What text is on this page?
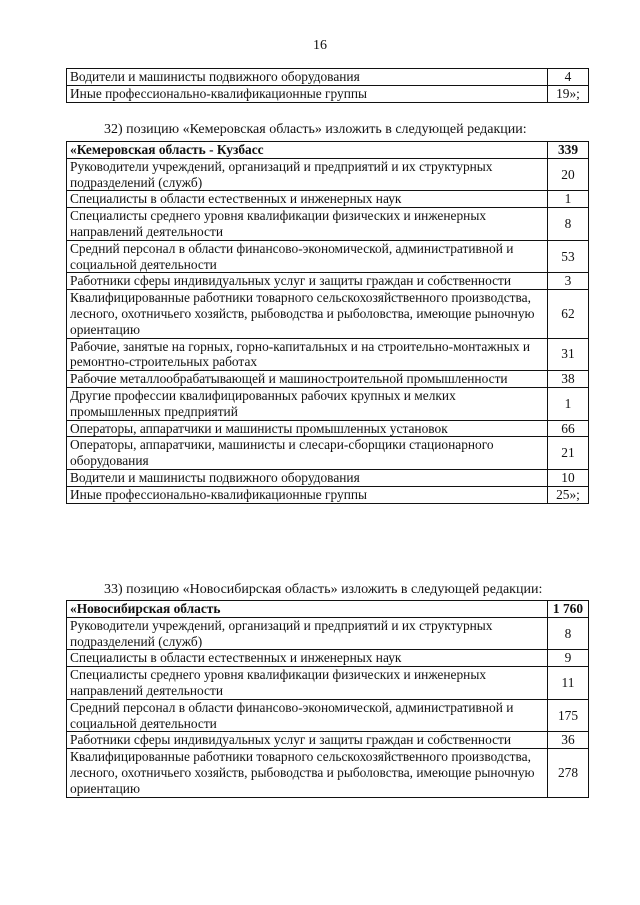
16
Водители и машинисты подвижного оборудования	4
Иные профессионально-квалификационные группы	19»;
32) позицию «Кемеровская область» изложить в следующей редакции:
«Кемеровская область - Кузбасс	339
Руководители учреждений, организаций и предприятий и их структурных подразделений (служб)	20
Специалисты в области естественных и инженерных наук	1
Специалисты среднего уровня квалификации физических и инженерных направлений деятельности	8
Средний персонал в области финансово-экономической, административной и социальной деятельности	53
Работники сферы индивидуальных услуг и защиты граждан и собственности	3
Квалифицированные работники товарного сельскохозяйственного производства, лесного, охотничьего хозяйств, рыбоводства и рыболовства, имеющие рыночную ориентацию	62
Рабочие, занятые на горных, горно-капитальных и на строительно-монтажных и ремонтно-строительных работах	31
Рабочие металлообрабатывающей и машиностроительной промышленности	38
Другие профессии квалифицированных рабочих крупных и мелких промышленных предприятий	1
Операторы, аппаратчики и машинисты промышленных установок	66
Операторы, аппаратчики, машинисты и слесари-сборщики стационарного оборудования	21
Водители и машинисты подвижного оборудования	10
Иные профессионально-квалификационные группы	25»;
33) позицию «Новосибирская область» изложить в следующей редакции:
«Новосибирская область	1 760
Руководители учреждений, организаций и предприятий и их структурных подразделений (служб)	8
Специалисты в области естественных и инженерных наук	9
Специалисты среднего уровня квалификации физических и инженерных направлений деятельности	11
Средний персонал в области финансово-экономической, административной и социальной деятельности	175
Работники сферы индивидуальных услуг и защиты граждан и собственности	36
Квалифицированные работники товарного сельскохозяйственного производства, лесного, охотничьего хозяйств, рыбоводства и рыболовства, имеющие рыночную ориентацию	278
